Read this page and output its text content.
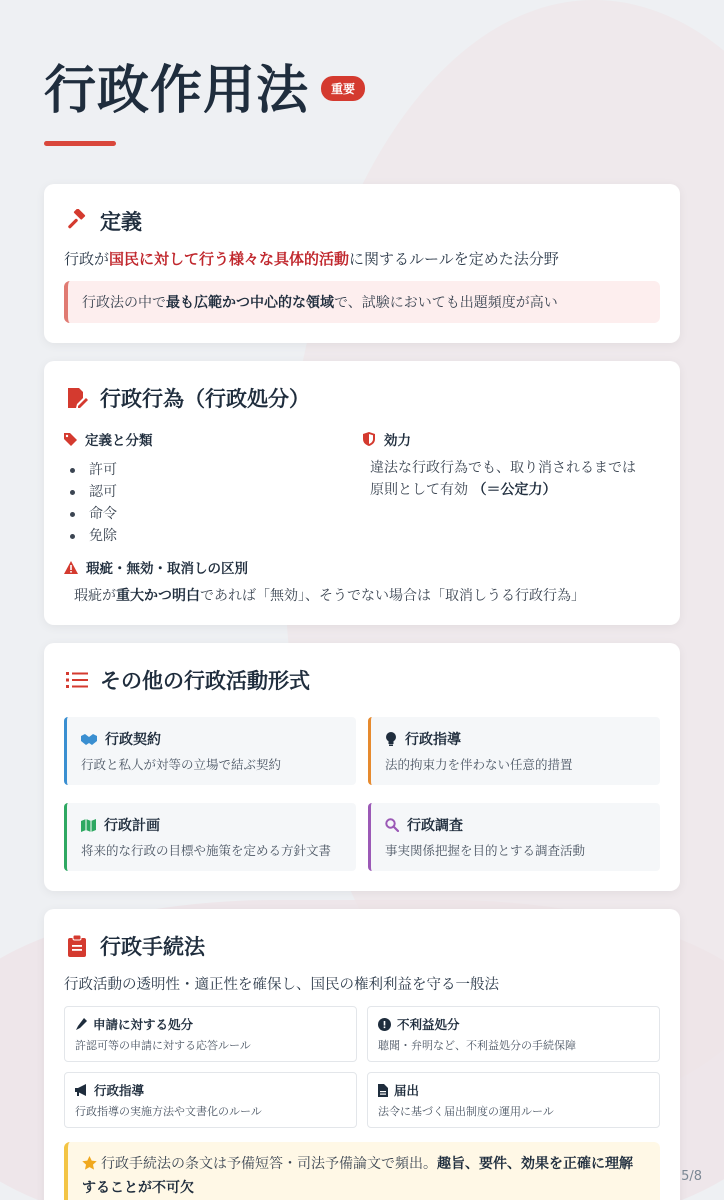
行政作用法	重要
定義

行政が国民に対して行う様々な具体的活動に関するルールを定めた法分野

行政法の中で最も広範かつ中心的な領域で、試験においても出題頻度が高い
行政行為（行政処分）
定義と分類
許可
認可
命令
免除
効力

違法な行政行為でも、取り消されるまでは
原則として有効 （＝公定力）

瑕疵・無効・取消しの区別

瑕疵が重大かつ明白であれば「無効」、そうでない場合は「取消しうる行政行為」

その他の行政活動形式
行政契約
行政と私人が対等の立場で結ぶ契約
行政指導
法的拘束力を伴わない任意的措置
行政計画
将来的な行政の目標や施策を定める方針文書
行政調査
事実関係把握を目的とする調査活動
行政手続法

行政活動の透明性・適正性を確保し、国民の権利利益を守る一般法

申請に対する処分
許認可等の申請に対する応答ルール
不利益処分
聴聞・弁明など、不利益処分の手続保障
行政指導
行政指導の実施方法や文書化のルール
届出
法令に基づく届出制度の運用ルール
行政手続法の条文は予備短答・司法予備論文で頻出。趣旨、要件、効果を正確に理解することが不可欠
5/8
